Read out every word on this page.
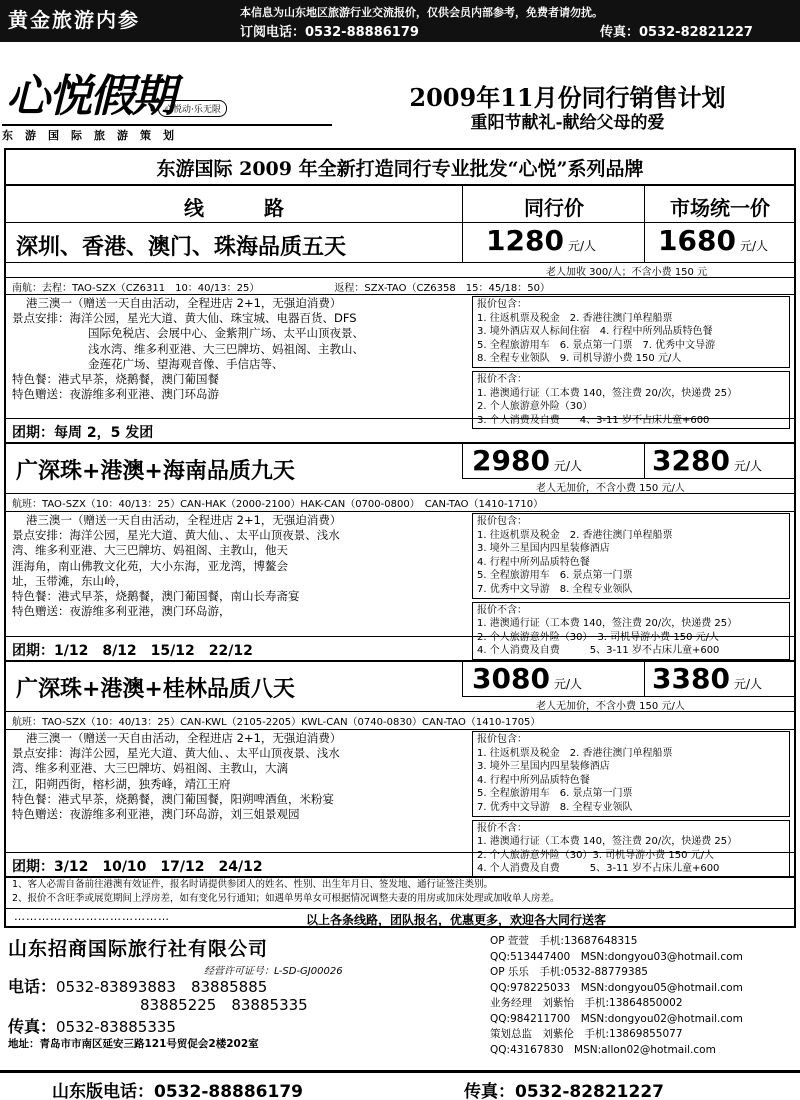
黄金旅游内参	本信息为山东地区旅游行业交流报价，仅供会员内部参考，免费者请勿扰。
订阅电话：0532-88886179	传真：0532-82821227
心悦假期
心悦动·乐无限
东游国际旅游策划
2009年11月份同行销售计划
重阳节献礼-献给父母的爱
东游国际 2009 年全新打造同行专业批发“心悦”系列品牌
线　　　路	同行价	市场统一价
深圳、香港、澳门、珠海品质五天	1280 元/人 1680 元/人
老人加收 300/人；不含小费 150 元
南航：去程：TAO-SZX（CZ6311　10：40/13：25）　　　　　　　　返程：SZX-TAO（CZ6358　15：45/18：50）
港三澳一（赠送一天自由活动，全程进店 2+1，无强迫消费）
景点安排：海洋公园，星光大道、黄大仙、珠宝城、电器百货、DFS
国际免税店、会展中心、金紫荆广场、太平山顶夜景、
浅水湾、维多利亚港、大三巴牌坊、妈祖阁、主教山、
金莲花广场、望海观音像、手信店等、
特色餐：港式早茶，烧鹅餐，澳门葡国餐
特色赠送：夜游维多利亚港、澳门环岛游
报价包含：
1. 往返机票及税金　2. 香港往澳门单程船票
3. 境外酒店双人标间住宿　4. 行程中所列品质特色餐
5. 全程旅游用车　6. 景点第一门票　7. 优秀中文导游
8. 全程专业领队　9. 司机导游小费 150 元/人
报价不含：
1. 港澳通行证（工本费 140，签注费 20/次，快递费 25）
2. 个人旅游意外险（30）
3. 个人消费及自费　　4、3-11 岁不占床儿童+600
团期：每周 2，5 发团
广深珠+港澳+海南品质九天	2980 元/人	3280 元/人
老人无加价，不含小费 150 元/人
航班：TAO-SZX（10：40/13：25）CAN-HAK（2000-2100）HAK-CAN（0700-0800）　CAN-TAO（1410-1710）
港三澳一（赠送一天自由活动，全程进店 2+1，无强迫消费）
景点安排：海洋公园，星光大道、黄大仙、、太平山顶夜景、浅水
湾、维多利亚港、大三巴牌坊、妈祖阁、主教山，他天
涯海角，南山佛教文化苑，大小东海，亚龙湾，博鳌会
址，玉带滩，东山岭，
特色餐：港式早茶，烧鹅餐，澳门葡国餐，南山长寿斋宴
特色赠送：夜游维多利亚港，澳门环岛游，
报价包含：
1. 往返机票及税金　2. 香港往澳门单程船票
3. 境外三星国内四星装修酒店
4. 行程中所列品质特色餐
5. 全程旅游用车　6. 景点第一门票
7. 优秀中文导游　8. 全程专业领队
报价不含：
1. 港澳通行证（工本费 140，签注费 20/次，快递费 25）
2. 个人旅游意外险（30）　3. 司机导游小费 150 元/人
4. 个人消费及自费　　　5、3-11 岁不占床儿童+600
团期：1/12　8/12　15/12　22/12
广深珠+港澳+桂林品质八天	3080 元/人	3380 元/人
老人无加价，不含小费 150 元/人
航班：TAO-SZX（10：40/13：25）CAN-KWL（2105-2205）KWL-CAN（0740-0830）CAN-TAO（1410-1705）
港三澳一（赠送一天自由活动，全程进店 2+1，无强迫消费）
景点安排：海洋公园，星光大道、黄大仙、、太平山顶夜景、浅水
湾、维多利亚港、大三巴牌坊、妈祖阁、主教山，大漓
江，阳朔西街，榕杉湖，独秀峰，靖江王府
特色餐：港式早茶，烧鹅餐，澳门葡国餐，阳朔啤酒鱼，米粉宴
特色赠送：夜游维多利亚港，澳门环岛游，刘三姐景观园
报价包含：
1. 往返机票及税金　2. 香港往澳门单程船票
3. 境外三星国内四星装修酒店
4. 行程中所列品质特色餐
5. 全程旅游用车　6. 景点第一门票
7. 优秀中文导游　8. 全程专业领队
报价不含：
1. 港澳通行证（工本费 140，签注费 20/次，快递费 25）
2. 个人旅游意外险（30）3. 司机导游小费 150 元/人
4. 个人消费及自费　　　5、3-11 岁不占床儿童+600
团期：3/12　10/10　17/12　24/12
1、客人必需自备前往港澳有效证件，报名时请提供参团人的姓名、性别、出生年月日、签发地、通行证签注类别。
2、报价不含旺季或展览期间上浮房差，如有变化另行通知；如遇单男单女可根据情况调整夫妻的用房或加床处理或加收单人房差。
…………………………………	以上各条线路，团队报名，优惠更多，欢迎各大同行送客
山东招商国际旅行社有限公司
经营许可证号：L-SD-GJ00026
电话：0532-83893883　83885885
83885225　83885335
传真：0532-83885335
地址：青岛市市南区延安三路121号贸促会2楼202室
OP 萱萱　手机:13687648315
QQ:513447400　MSN:dongyou03@hotmail.com
OP 乐乐　手机:0532-88779385
QQ:978225033　MSN:dongyou05@hotmail.com
业务经理　刘紫怡　手机:13864850002
QQ:984211700　MSN:dongyou02@hotmail.com
策划总监　刘紫伦　手机:13869855077
QQ:43167830　MSN:allon02@hotmail.com
山东版电话：0532-88886179	传真：0532-82821227
